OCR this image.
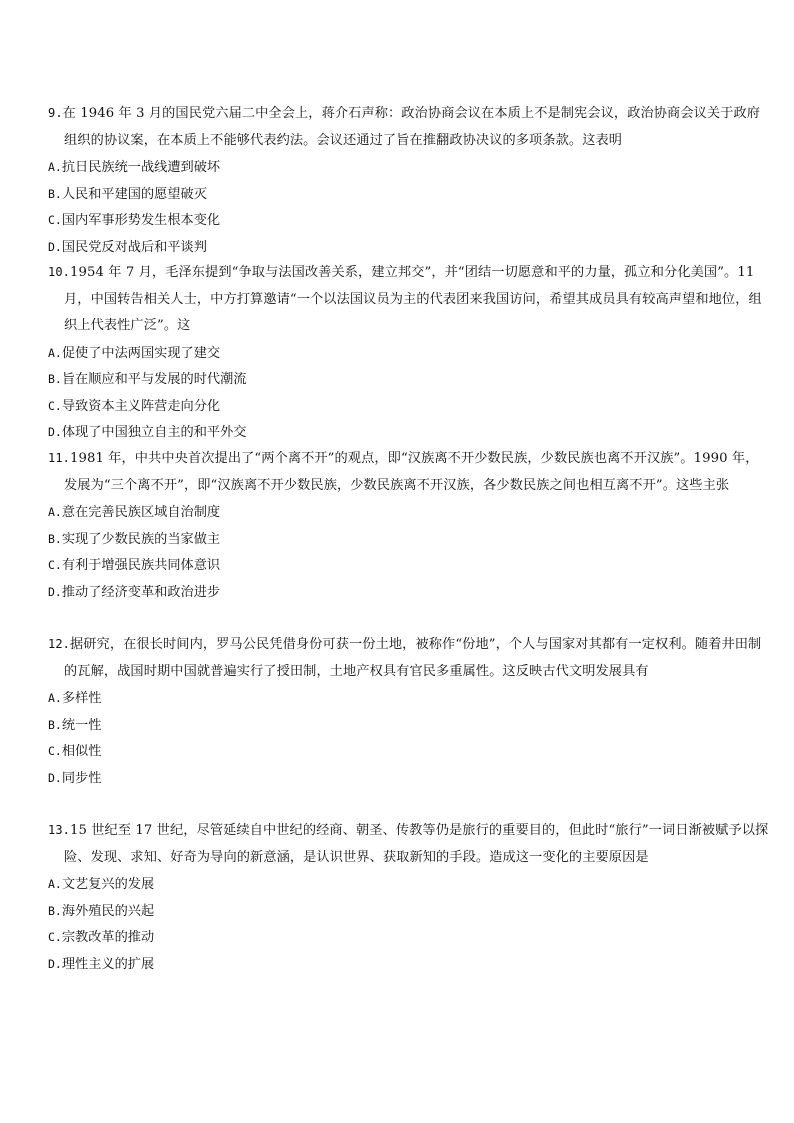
9.在 1946 年 3 月的国民党六届二中全会上，蒋介石声称：政治协商会议在本质上不是制宪会议，政治协商会议关于政府组织的协议案，在本质上不能够代表约法。会议还通过了旨在推翻政协决议的多项条款。这表明

A.抗日民族统一战线遭到破坏
B.人民和平建国的愿望破灭
C.国内军事形势发生根本变化
D.国民党反对战后和平谈判

10.1954 年 7 月，毛泽东提到“争取与法国改善关系，建立邦交”，并“团结一切愿意和平的力量，孤立和分化美国”。11 月，中国转告相关人士，中方打算邀请“一个以法国议员为主的代表团来我国访问，希望其成员具有较高声望和地位，组织上代表性广泛”。这

A.促使了中法两国实现了建交
B.旨在顺应和平与发展的时代潮流
C.导致资本主义阵营走向分化
D.体现了中国独立自主的和平外交

11.1981 年，中共中央首次提出了“两个离不开”的观点，即“汉族离不开少数民族，少数民族也离不开汉族”。1990 年，发展为“三个离不开”，即“汉族离不开少数民族，少数民族离不开汉族，各少数民族之间也相互离不开”。这些主张

A.意在完善民族区域自治制度
B.实现了少数民族的当家做主
C.有利于增强民族共同体意识
D.推动了经济变革和政治进步

12.据研究，在很长时间内，罗马公民凭借身份可获一份土地，被称作“份地”，个人与国家对其都有一定权利。随着井田制的瓦解，战国时期中国就普遍实行了授田制，土地产权具有官民多重属性。这反映古代文明发展具有

A.多样性
B.统一性
C.相似性
D.同步性

13.15 世纪至 17 世纪，尽管延续自中世纪的经商、朝圣、传教等仍是旅行的重要目的，但此时“旅行”一词日渐被赋予以探险、发现、求知、好奇为导向的新意涵，是认识世界、获取新知的手段。造成这一变化的主要原因是

A.文艺复兴的发展
B.海外殖民的兴起
C.宗教改革的推动
D.理性主义的扩展
